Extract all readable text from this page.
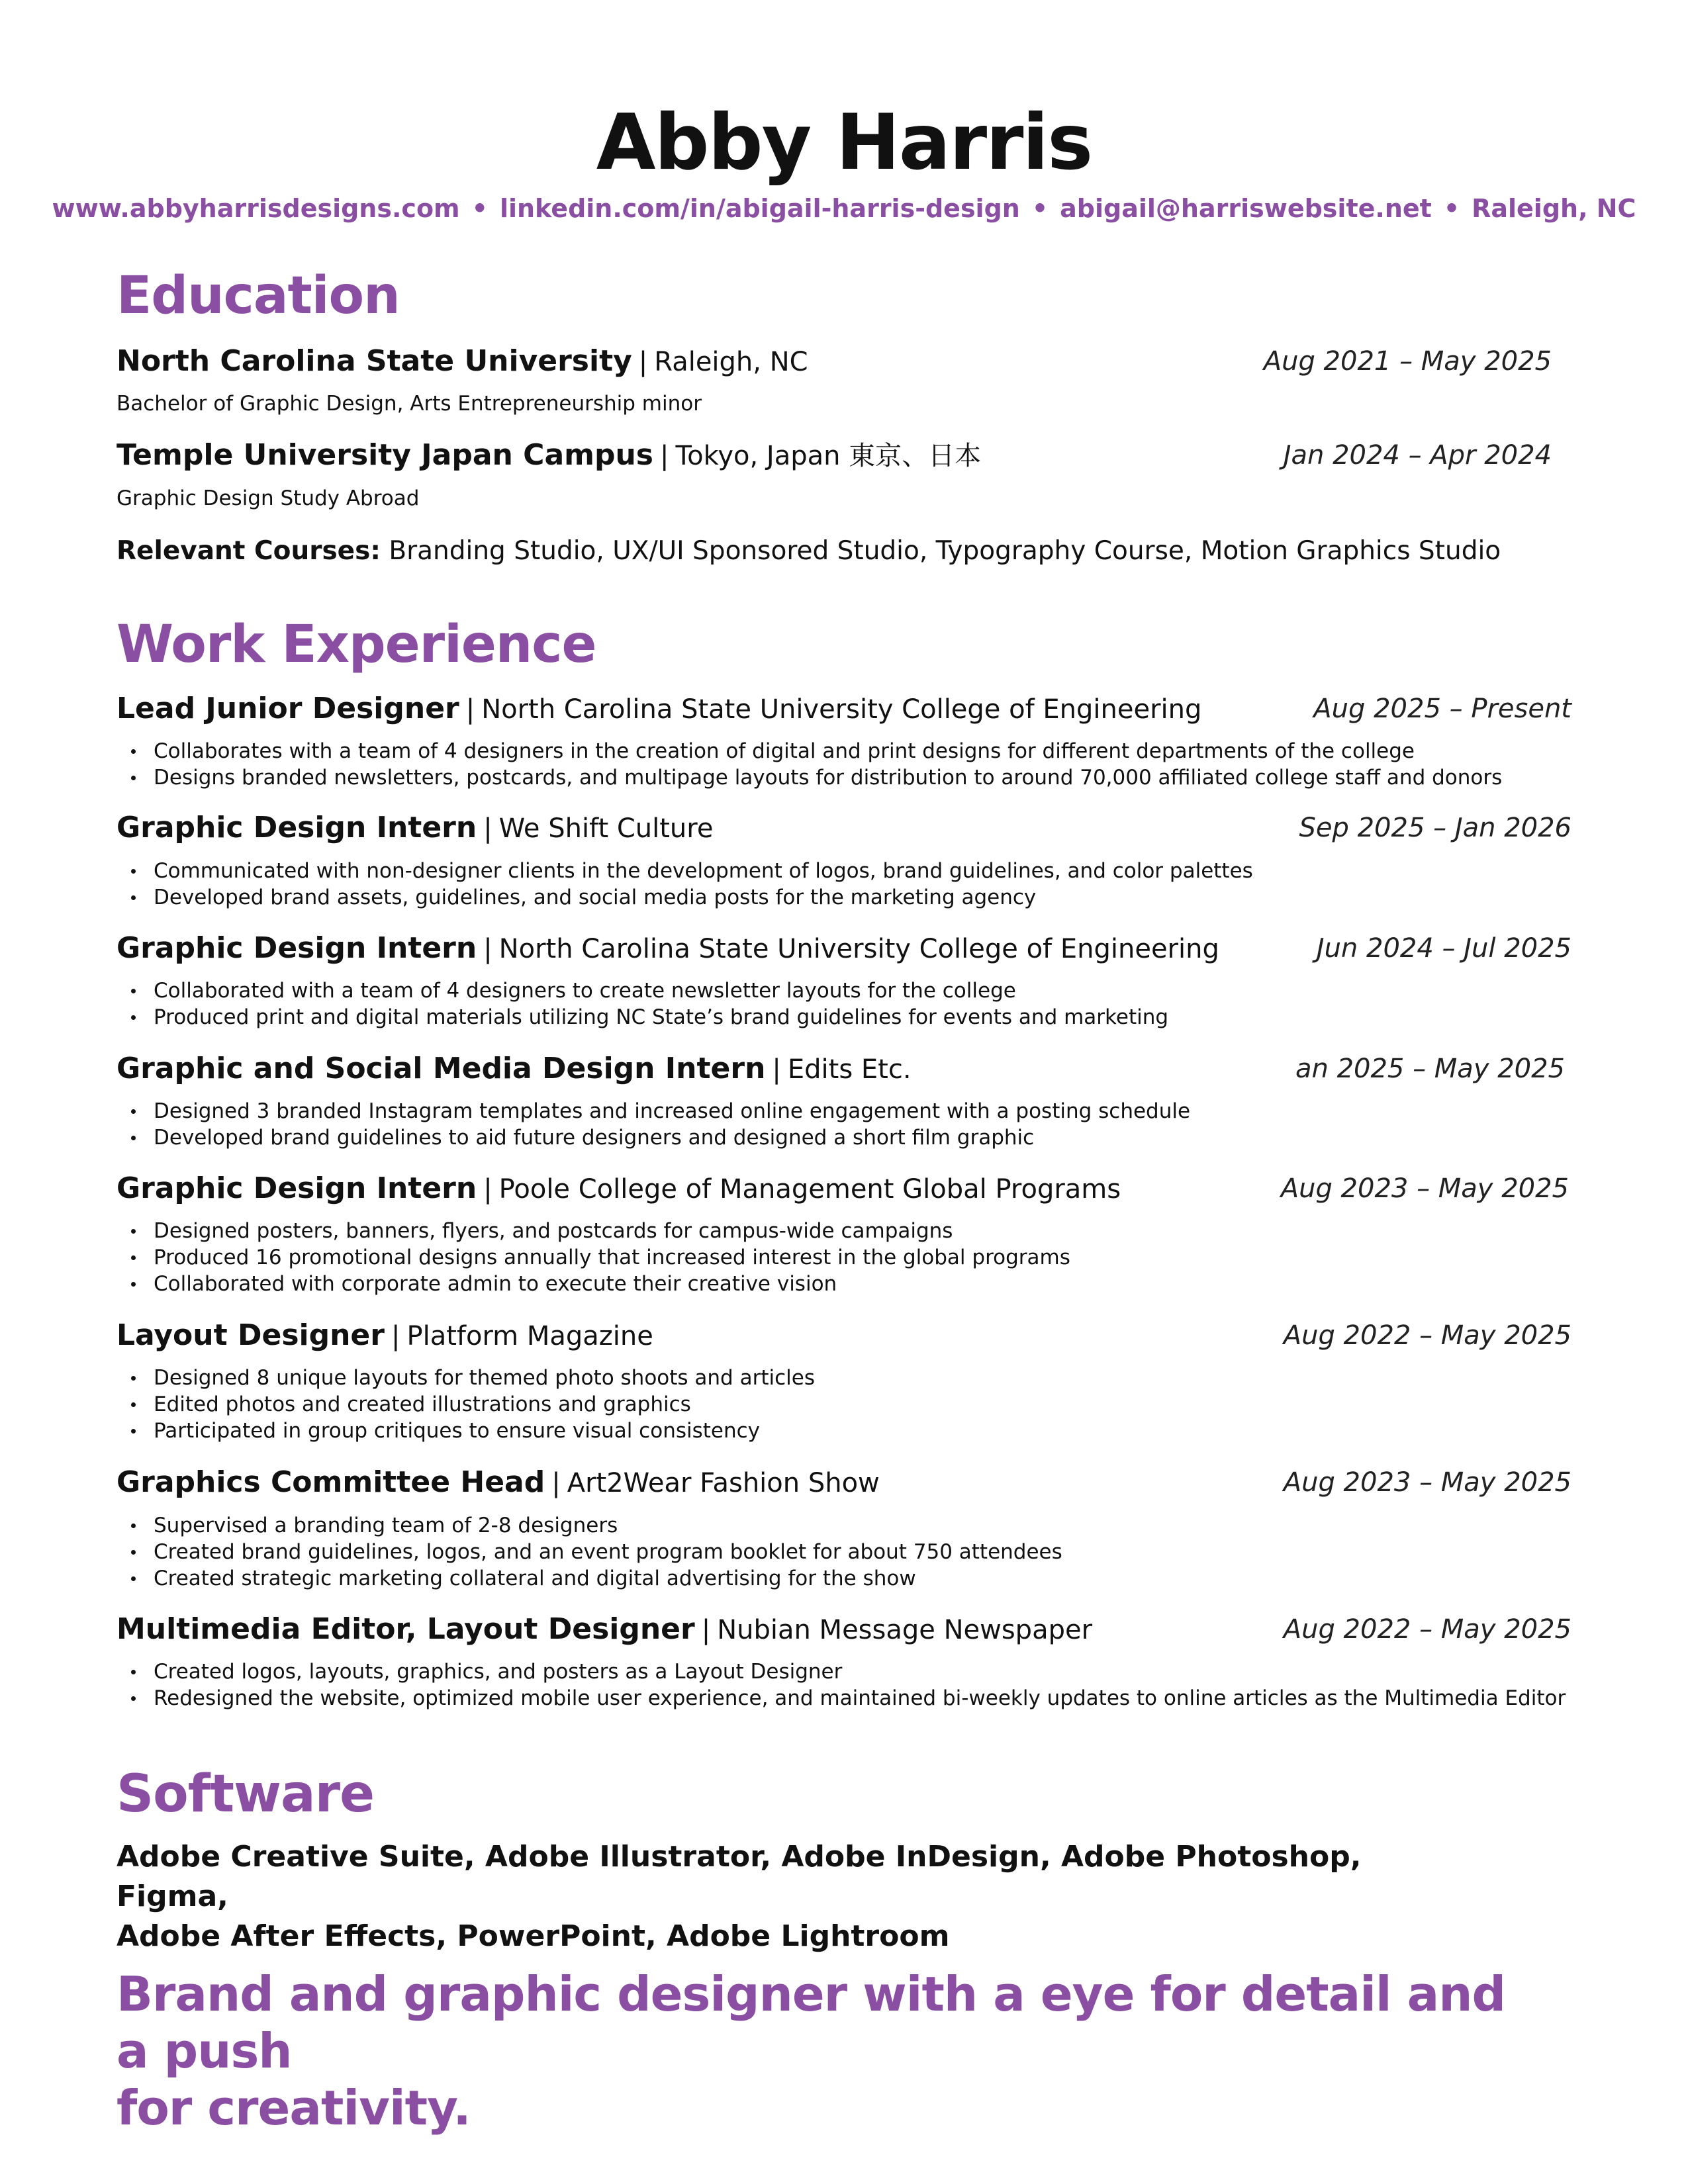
Abby Harris
www.abbyharrisdesigns.com • linkedin.com/in/abigail-harris-design • abigail@harriswebsite.net • Raleigh, NC
Education
North Carolina State University | Raleigh, NC	Aug 2021 – May 2025
Bachelor of Graphic Design, Arts Entrepreneurship minor
Temple University Japan Campus | Tokyo, Japan 東京、日本	Jan 2024 – Apr 2024
Graphic Design Study Abroad
Relevant Courses: Branding Studio, UX/UI Sponsored Studio, Typography Course, Motion Graphics Studio
Work Experience
Lead Junior Designer | North Carolina State University College of Engineering	Aug 2025 – Present
Collaborates with a team of 4 designers in the creation of digital and print designs for different departments of the college
Designs branded newsletters, postcards, and multipage layouts for distribution to around 70,000 affiliated college staff and donors
Graphic Design Intern | We Shift Culture	Sep 2025 – Jan 2026
Communicated with non-designer clients in the development of logos, brand guidelines, and color palettes
Developed brand assets, guidelines, and social media posts for the marketing agency
Graphic Design Intern | North Carolina State University College of Engineering	Jun 2024 – Jul 2025
Collaborated with a team of 4 designers to create newsletter layouts for the college
Produced print and digital materials utilizing NC State’s brand guidelines for events and marketing
Graphic and Social Media Design Intern | Edits Etc.	an 2025 – May 2025
Designed 3 branded Instagram templates and increased online engagement with a posting schedule
Developed brand guidelines to aid future designers and designed a short film graphic
Graphic Design Intern | Poole College of Management Global Programs	Aug 2023 – May 2025
Designed posters, banners, flyers, and postcards for campus-wide campaigns
Produced 16 promotional designs annually that increased interest in the global programs
Collaborated with corporate admin to execute their creative vision
Layout Designer | Platform Magazine	Aug 2022 – May 2025
Designed 8 unique layouts for themed photo shoots and articles
Edited photos and created illustrations and graphics
Participated in group critiques to ensure visual consistency
Graphics Committee Head | Art2Wear Fashion Show	Aug 2023 – May 2025
Supervised a branding team of 2-8 designers
Created brand guidelines, logos, and an event program booklet for about 750 attendees
Created strategic marketing collateral and digital advertising for the show
Multimedia Editor, Layout Designer | Nubian Message Newspaper	Aug 2022 – May 2025
Created logos, layouts, graphics, and posters as a Layout Designer
Redesigned the website, optimized mobile user experience, and maintained bi-weekly updates to online articles as the Multimedia Editor
Software
Adobe Creative Suite, Adobe Illustrator, Adobe InDesign, Adobe Photoshop, Figma,
Adobe After Effects, PowerPoint, Adobe Lightroom
Brand and graphic designer with a eye for detail and a push
for creativity.
